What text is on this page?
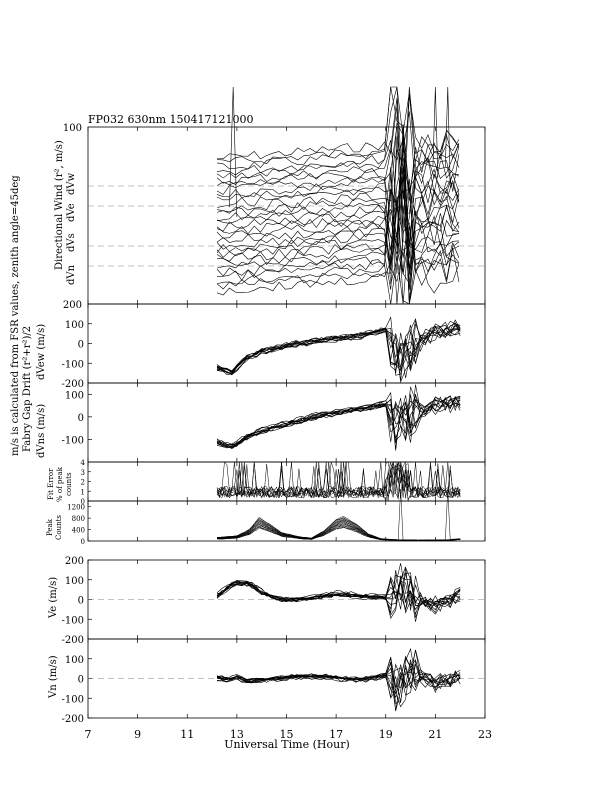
FP032 630nm 150417121000
m/s is calculated from FSR values, zenith angle=45deg Fabry Gap Drift (r²+r²)/2
7	9	11	13	15	17	19	21	23
100
0
-100
-200
100
0
-100
4
3
2
1
0
1200
800
400
0
200
100
0
-100
-200
100
0
-100
-200
Directional Wind (r², m/s)
dVn
dVs
dVe
dVw
100
200
dVew (m/s)
dVns (m/s)
Fit Error % of peak counts
Peak Counts
Ve (m/s)
Vn (m/s)
Universal Time (Hour)
